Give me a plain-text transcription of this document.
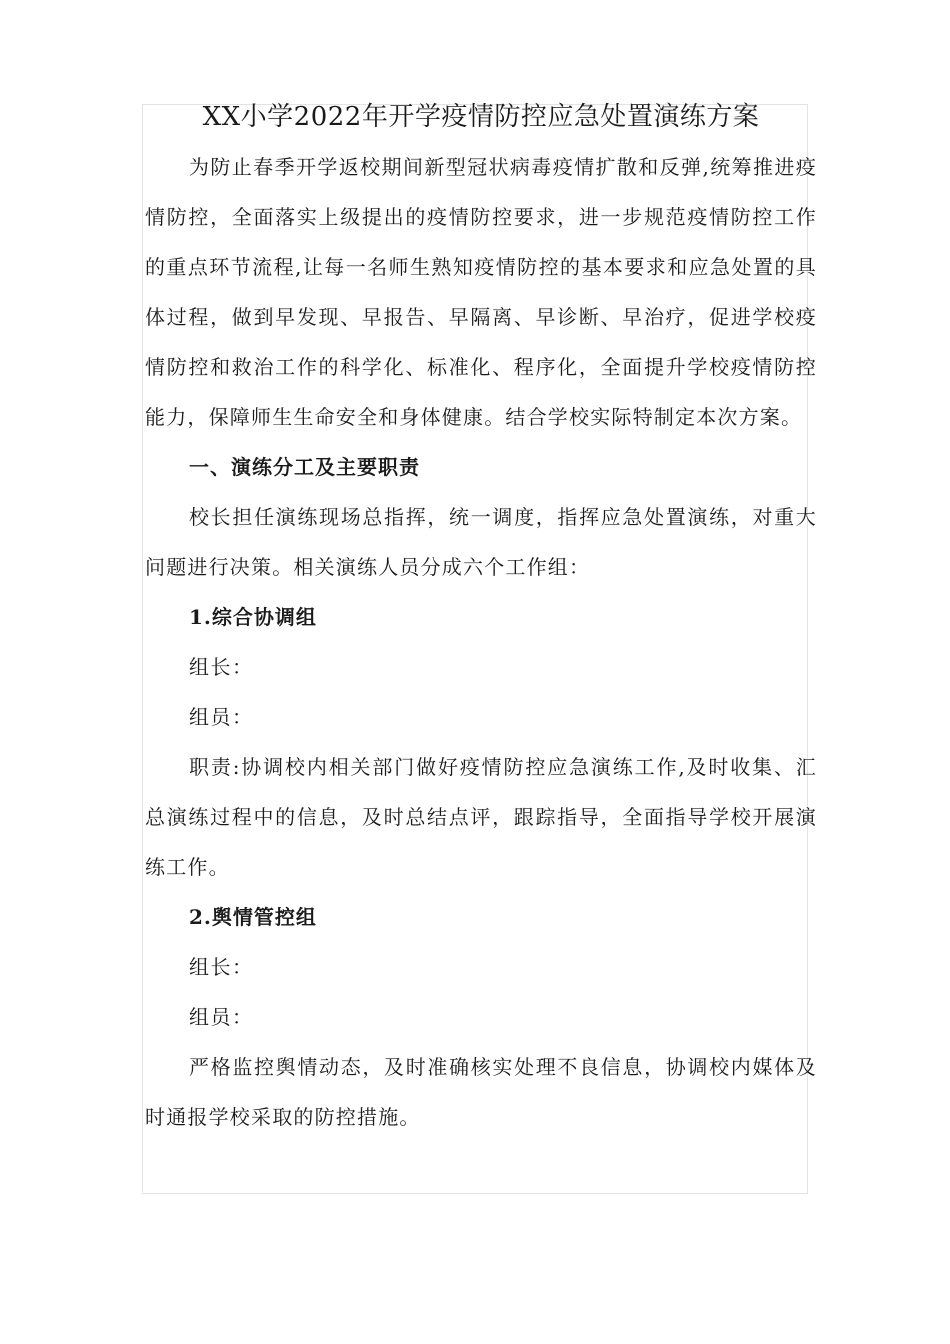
XX小学2022年开学疫情防控应急处置演练方案

为防止春季开学返校期间新型冠状病毒疫情扩散和反弹,统筹推进疫情防控，全面落实上级提出的疫情防控要求，进一步规范疫情防控工作的重点环节流程,让每一名师生熟知疫情防控的基本要求和应急处置的具体过程，做到早发现、早报告、早隔离、早诊断、早治疗，促进学校疫情防控和救治工作的科学化、标准化、程序化，全面提升学校疫情防控能力，保障师生生命安全和身体健康。结合学校实际特制定本次方案。

一、演练分工及主要职责

校长担任演练现场总指挥，统一调度，指挥应急处置演练，对重大问题进行决策。相关演练人员分成六个工作组：

1.综合协调组

组长：

组员：

职责:协调校内相关部门做好疫情防控应急演练工作,及时收集、汇总演练过程中的信息，及时总结点评，跟踪指导，全面指导学校开展演练工作。

2.舆情管控组

组长：

组员：

严格监控舆情动态，及时准确核实处理不良信息，协调校内媒体及时通报学校采取的防控措施。
